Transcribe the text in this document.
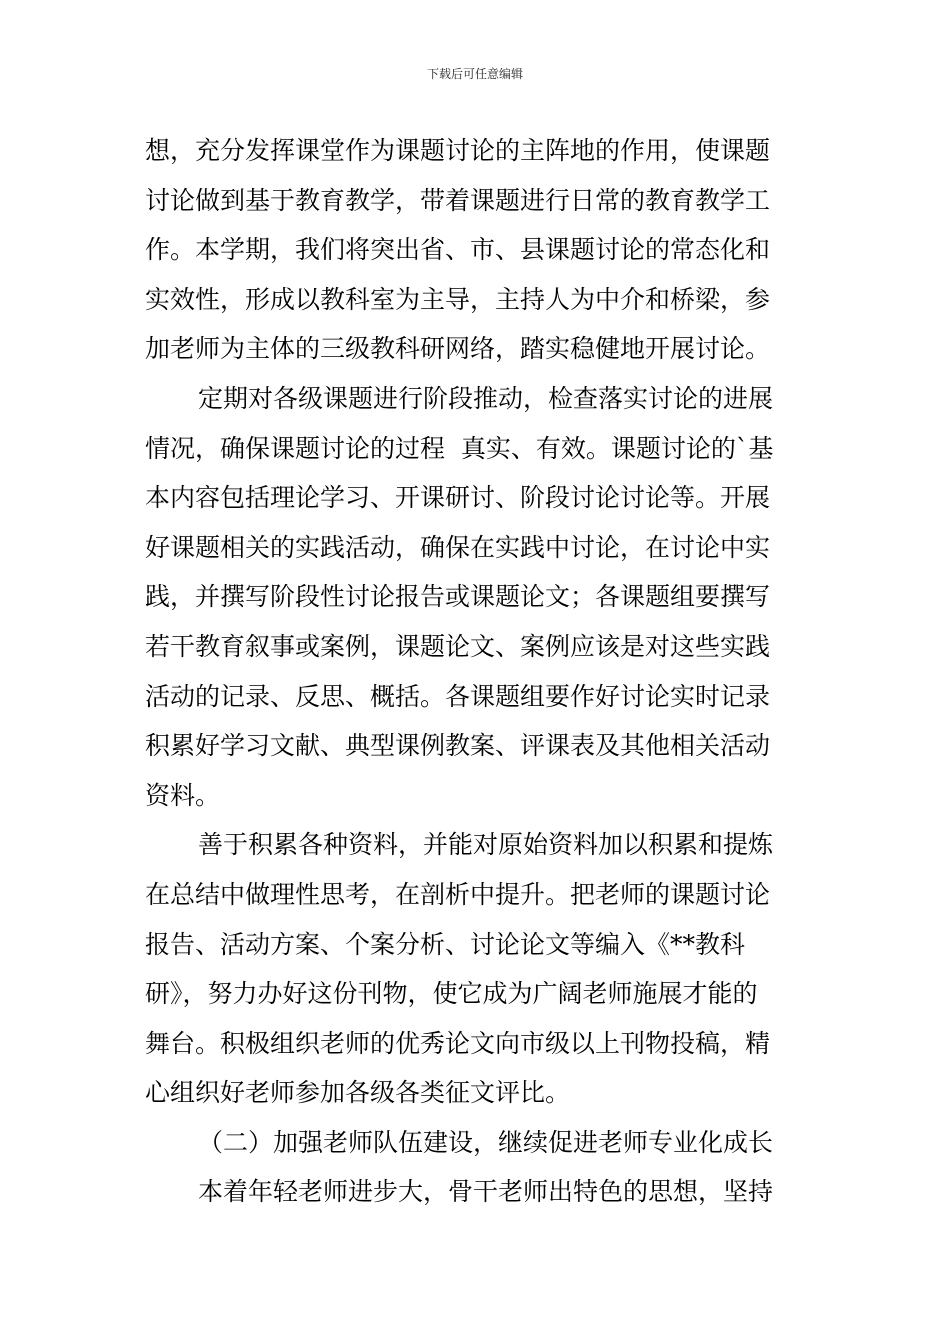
下载后可任意编辑
想，充分发挥课堂作为课题讨论的主阵地的作用，使课题
讨论做到基于教育教学，带着课题进行日常的教育教学工
作。本学期，我们将突出省、市、县课题讨论的常态化和
实效性，形成以教科室为主导，主持人为中介和桥梁，参
加老师为主体的三级教科研网络，踏实稳健地开展讨论。
定期对各级课题进行阶段推动，检查落实讨论的进展
情况，确保课题讨论的过程  真实、有效。课题讨论的`基
本内容包括理论学习、开课研讨、阶段讨论讨论等。开展
好课题相关的实践活动，确保在实践中讨论，在讨论中实
践，并撰写阶段性讨论报告或课题论文；各课题组要撰写
若干教育叙事或案例，课题论文、案例应该是对这些实践
活动的记录、反思、概括。各课题组要作好讨论实时记录
积累好学习文献、典型课例教案、评课表及其他相关活动
资料。
善于积累各种资料，并能对原始资料加以积累和提炼
在总结中做理性思考，在剖析中提升。把老师的课题讨论
报告、活动方案、个案分析、讨论论文等编入《**教科
研》，努力办好这份刊物，使它成为广阔老师施展才能的
舞台。积极组织老师的优秀论文向市级以上刊物投稿，精
心组织好老师参加各级各类征文评比。
（二）加强老师队伍建设，继续促进老师专业化成长
本着年轻老师进步大，骨干老师出特色的思想，坚持
